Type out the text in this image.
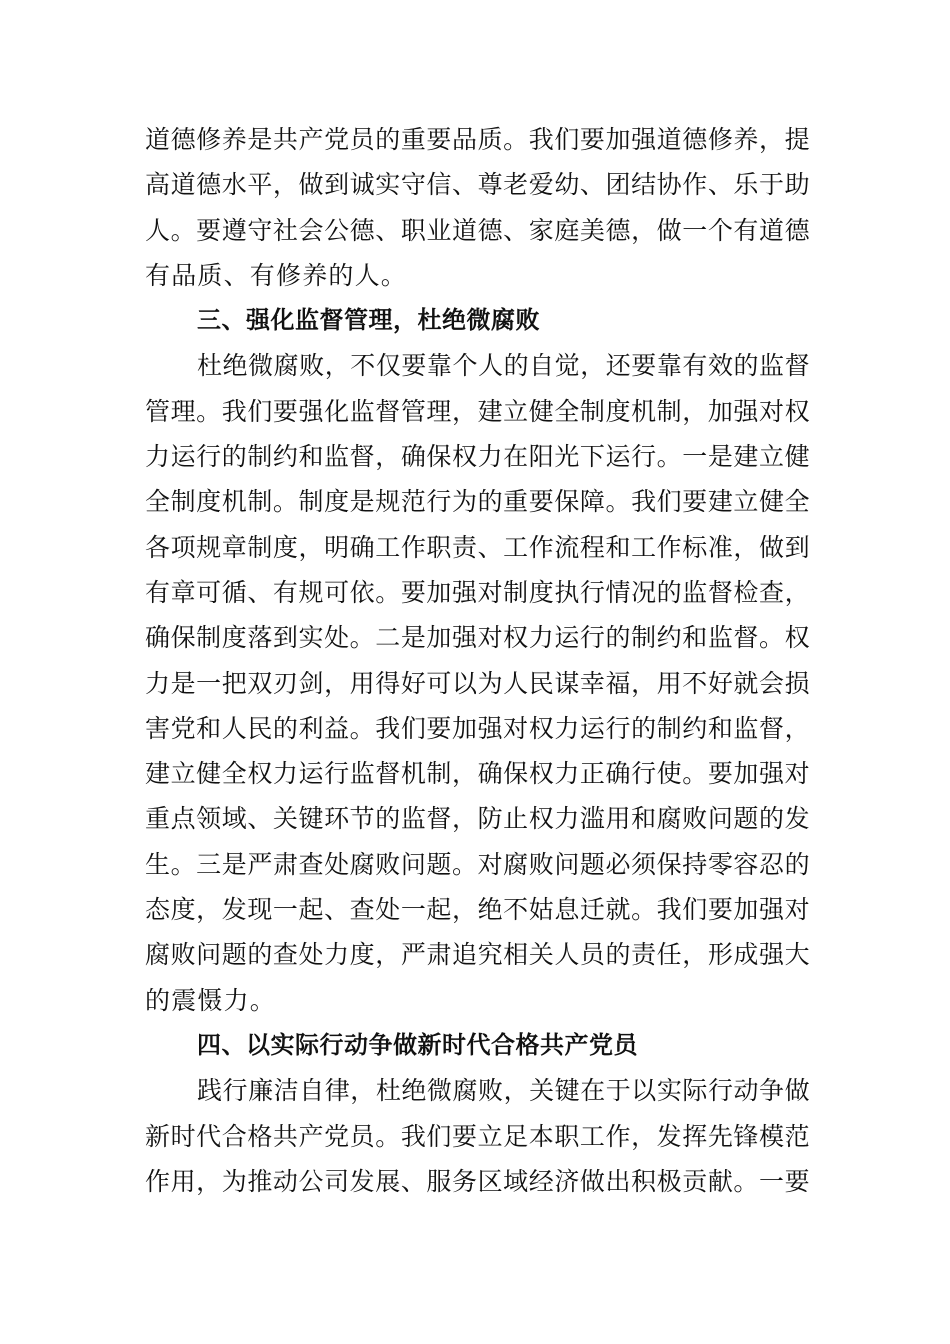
道德修养是共产党员的重要品质。我们要加强道德修养，提
高道德水平，做到诚实守信、尊老爱幼、团结协作、乐于助
人。要遵守社会公德、职业道德、家庭美德，做一个有道德
有品质、有修养的人。
三、强化监督管理，杜绝微腐败
杜绝微腐败，不仅要靠个人的自觉，还要靠有效的监督
管理。我们要强化监督管理，建立健全制度机制，加强对权
力运行的制约和监督，确保权力在阳光下运行。一是建立健
全制度机制。制度是规范行为的重要保障。我们要建立健全
各项规章制度，明确工作职责、工作流程和工作标准，做到
有章可循、有规可依。要加强对制度执行情况的监督检查，
确保制度落到实处。二是加强对权力运行的制约和监督。权
力是一把双刃剑，用得好可以为人民谋幸福，用不好就会损
害党和人民的利益。我们要加强对权力运行的制约和监督，
建立健全权力运行监督机制，确保权力正确行使。要加强对
重点领域、关键环节的监督，防止权力滥用和腐败问题的发
生。三是严肃查处腐败问题。对腐败问题必须保持零容忍的
态度，发现一起、查处一起，绝不姑息迁就。我们要加强对
腐败问题的查处力度，严肃追究相关人员的责任，形成强大
的震慑力。
四、以实际行动争做新时代合格共产党员
践行廉洁自律，杜绝微腐败，关键在于以实际行动争做
新时代合格共产党员。我们要立足本职工作，发挥先锋模范
作用，为推动公司发展、服务区域经济做出积极贡献。一要
